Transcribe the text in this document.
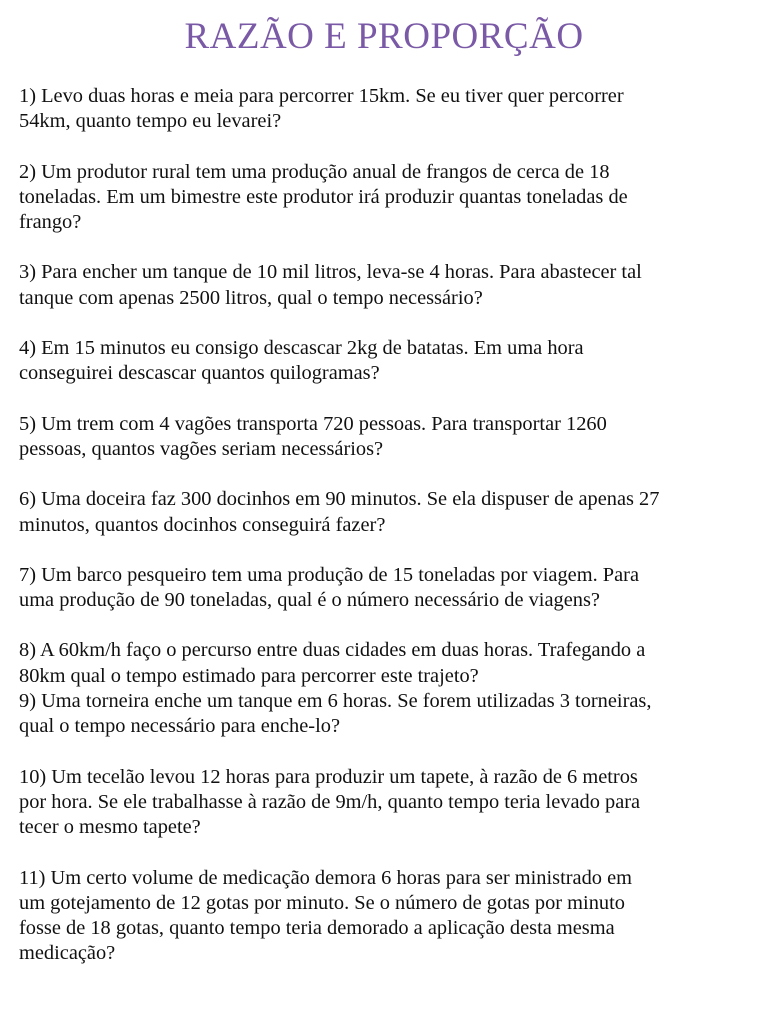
RAZÃO E PROPORÇÃO

1) Levo duas horas e meia para percorrer 15km. Se eu tiver quer percorrer
54km, quanto tempo eu levarei?

2) Um produtor rural tem uma produção anual de frangos de cerca de 18
toneladas. Em um bimestre este produtor irá produzir quantas toneladas de
frango?

3) Para encher um tanque de 10 mil litros, leva-se 4 horas. Para abastecer tal
tanque com apenas 2500 litros, qual o tempo necessário?

4) Em 15 minutos eu consigo descascar 2kg de batatas. Em uma hora
conseguirei descascar quantos quilogramas?

5) Um trem com 4 vagões transporta 720 pessoas. Para transportar 1260
pessoas, quantos vagões seriam necessários?

6) Uma doceira faz 300 docinhos em 90 minutos. Se ela dispuser de apenas 27
minutos, quantos docinhos conseguirá fazer?

7) Um barco pesqueiro tem uma produção de 15 toneladas por viagem. Para
uma produção de 90 toneladas, qual é o número necessário de viagens?

8) A 60km/h faço o percurso entre duas cidades em duas horas. Trafegando a
80km qual o tempo estimado para percorrer este trajeto?

9) Uma torneira enche um tanque em 6 horas. Se forem utilizadas 3 torneiras,
qual o tempo necessário para enche-lo?

10) Um tecelão levou 12 horas para produzir um tapete, à razão de 6 metros
por hora. Se ele trabalhasse à razão de 9m/h, quanto tempo teria levado para
tecer o mesmo tapete?

11) Um certo volume de medicação demora 6 horas para ser ministrado em
um gotejamento de 12 gotas por minuto. Se o número de gotas por minuto
fosse de 18 gotas, quanto tempo teria demorado a aplicação desta mesma
medicação?
